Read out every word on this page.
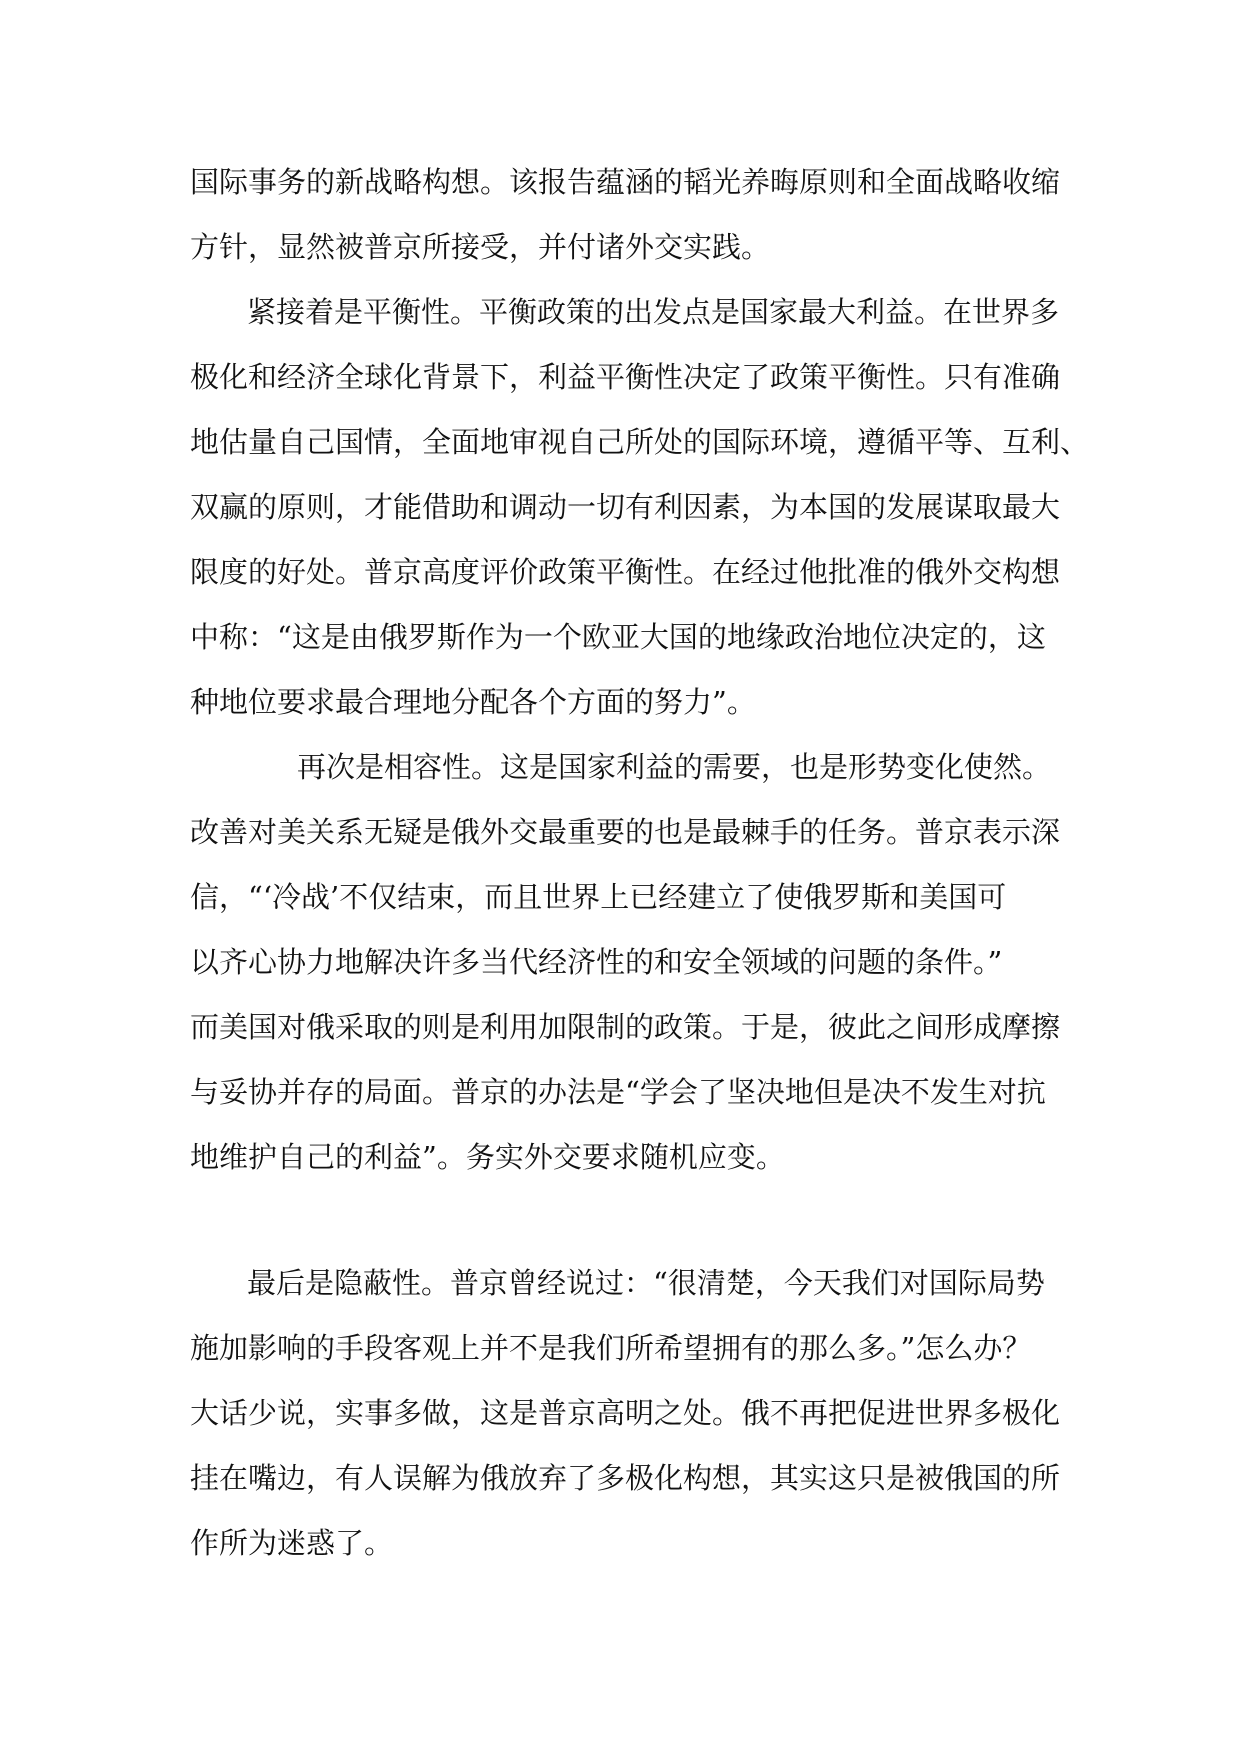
国际事务的新战略构想。该报告蕴涵的韬光养晦原则和全面战略收缩

方针，显然被普京所接受，并付诸外交实践。

紧接着是平衡性。平衡政策的出发点是国家最大利益。在世界多

极化和经济全球化背景下，利益平衡性决定了政策平衡性。只有准确

地估量自己国情，全面地审视自己所处的国际环境，遵循平等、互利、

双赢的原则，才能借助和调动一切有利因素，为本国的发展谋取最大

限度的好处。普京高度评价政策平衡性。在经过他批准的俄外交构想

中称：“这是由俄罗斯作为一个欧亚大国的地缘政治地位决定的，这

种地位要求最合理地分配各个方面的努力”。

再次是相容性。这是国家利益的需要，也是形势变化使然。

改善对美关系无疑是俄外交最重要的也是最棘手的任务。普京表示深

信，“‘冷战’不仅结束，而且世界上已经建立了使俄罗斯和美国可

以齐心协力地解决许多当代经济性的和安全领域的问题的条件。”

而美国对俄采取的则是利用加限制的政策。于是，彼此之间形成摩擦

与妥协并存的局面。普京的办法是“学会了坚决地但是决不发生对抗

地维护自己的利益”。务实外交要求随机应变。

最后是隐蔽性。普京曾经说过：“很清楚，今天我们对国际局势

施加影响的手段客观上并不是我们所希望拥有的那么多。”怎么办？

大话少说，实事多做，这是普京高明之处。俄不再把促进世界多极化

挂在嘴边，有人误解为俄放弃了多极化构想，其实这只是被俄国的所

作所为迷惑了。
